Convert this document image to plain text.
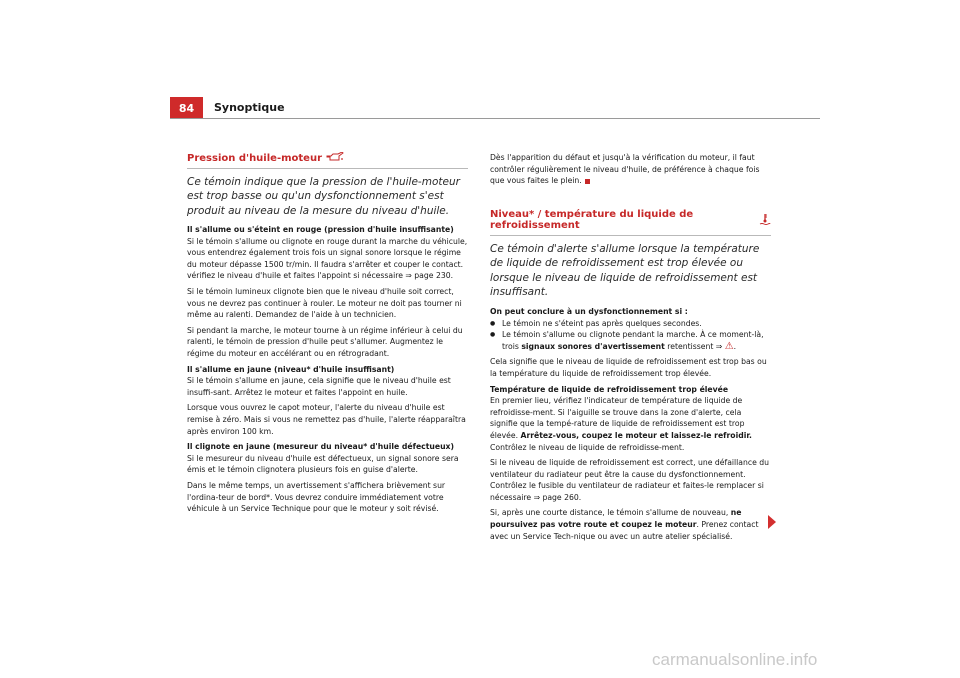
84	Synoptique
Pression d'huile-moteur

Ce témoin indique que la pression de l'huile-moteur est trop basse ou qu'un dysfonctionnement s'est produit au niveau de la mesure du niveau d'huile.

Il s'allume ou s'éteint en rouge (pression d'huile insuffisante)

Si le témoin s'allume ou clignote en rouge durant la marche du véhicule, vous entendrez également trois fois un signal sonore lorsque le régime du moteur dépasse 1500 tr/min. Il faudra s'arrêter et couper le contact. vérifiez le niveau d'huile et faites l'appoint si nécessaire ⇒ page 230.

Si le témoin lumineux clignote bien que le niveau d'huile soit correct, vous ne devrez pas continuer à rouler. Le moteur ne doit pas tourner ni même au ralenti. Demandez de l'aide à un technicien.

Si pendant la marche, le moteur tourne à un régime inférieur à celui du ralenti, le témoin de pression d'huile peut s'allumer. Augmentez le régime du moteur en accélérant ou en rétrogradant.

Il s'allume en jaune (niveau* d'huile insuffisant)

Si le témoin s'allume en jaune, cela signifie que le niveau d'huile est insuffi-sant. Arrêtez le moteur et faites l'appoint en huile.

Lorsque vous ouvrez le capot moteur, l'alerte du niveau d'huile est remise à zéro. Mais si vous ne remettez pas d'huile, l'alerte réapparaîtra après environ 100 km.

Il clignote en jaune (mesureur du niveau* d'huile défectueux)

Si le mesureur du niveau d'huile est défectueux, un signal sonore sera émis et le témoin clignotera plusieurs fois en guise d'alerte.

Dans le même temps, un avertissement s'affichera brièvement sur l'ordina-teur de bord*. Vous devrez conduire immédiatement votre véhicule à un Service Technique pour que le moteur y soit révisé.

Dès l'apparition du défaut et jusqu'à la vérification du moteur, il faut contrôler régulièrement le niveau d'huile, de préférence à chaque fois que vous faites le plein.

Niveau* / température du liquide de refroidissement

Ce témoin d'alerte s'allume lorsque la température de liquide de refroidissement est trop élevée ou lorsque le niveau de liquide de refroidissement est insuffisant.

On peut conclure à un dysfonctionnement si :

● Le témoin ne s'éteint pas après quelques secondes.
● Le témoin s'allume ou clignote pendant la marche. À ce moment-là, trois signaux sonores d'avertissement retentissent ⇒ ⚠.

Cela signifie que le niveau de liquide de refroidissement est trop bas ou la température du liquide de refroidissement trop élevée.

Température de liquide de refroidissement trop élevée

En premier lieu, vérifiez l'indicateur de température de liquide de refroidisse-ment. Si l'aiguille se trouve dans la zone d'alerte, cela signifie que la tempé-rature de liquide de refroidissement est trop élevée. Arrêtez-vous, coupez le moteur et laissez-le refroidir. Contrôlez le niveau de liquide de refroidisse-ment.

Si le niveau de liquide de refroidissement est correct, une défaillance du ventilateur du radiateur peut être la cause du dysfonctionnement. Contrôlez le fusible du ventilateur de radiateur et faites-le remplacer si nécessaire ⇒ page 260.

Si, après une courte distance, le témoin s'allume de nouveau, ne poursuivez pas votre route et coupez le moteur. Prenez contact avec un Service Tech-nique ou avec un autre atelier spécialisé.

carmanualsonline.info
